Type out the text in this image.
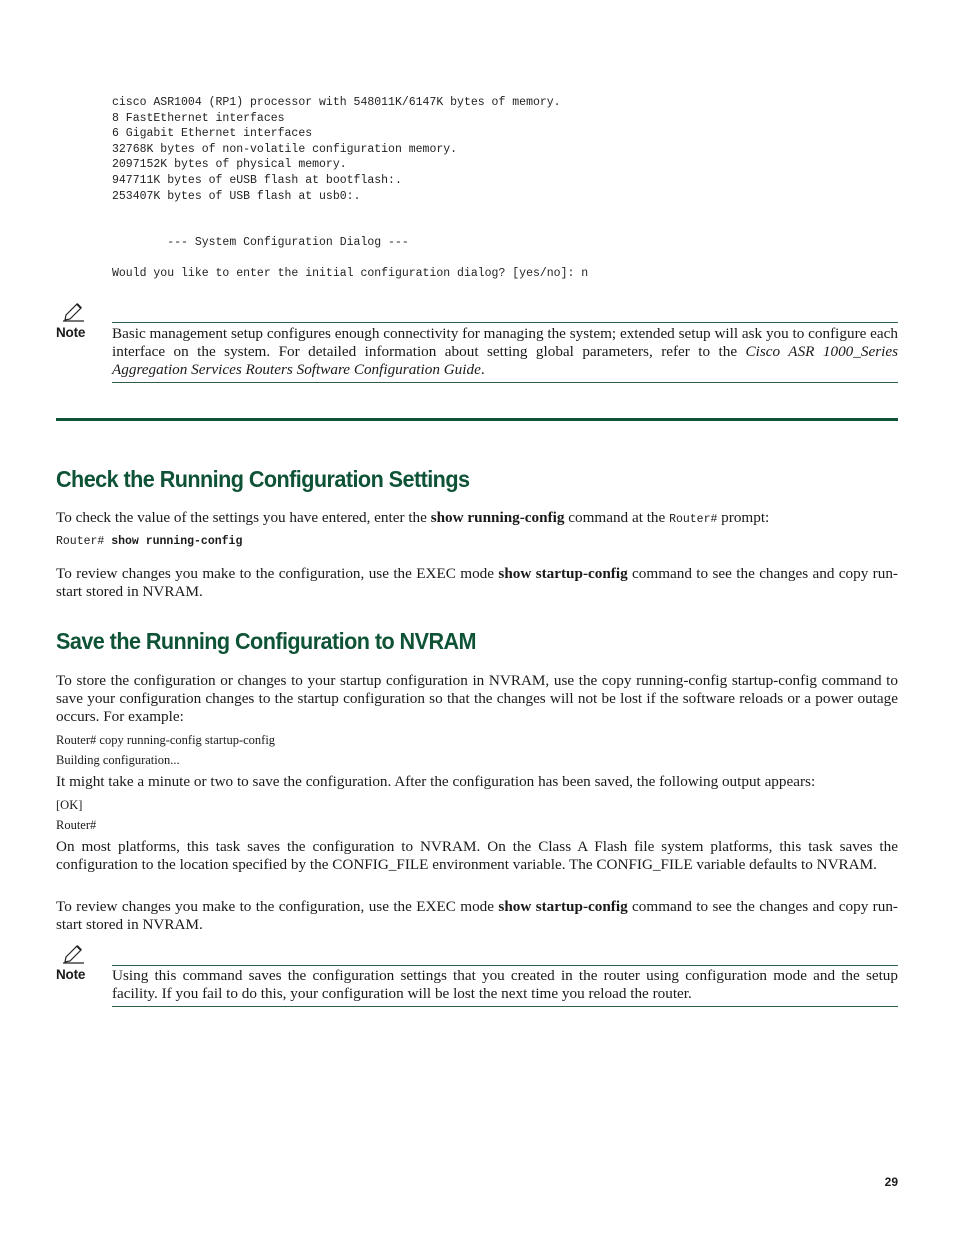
cisco ASR1004 (RP1) processor with 548011K/6147K bytes of memory.
8 FastEthernet interfaces
6 Gigabit Ethernet interfaces
32768K bytes of non-volatile configuration memory.
2097152K bytes of physical memory.
947711K bytes of eUSB flash at bootflash:.
253407K bytes of USB flash at usb0:.
--- System Configuration Dialog ---
Would you like to enter the initial configuration dialog? [yes/no]: n
Note Basic management setup configures enough connectivity for managing the system; extended setup will ask you to configure each interface on the system. For detailed information about setting global parameters, refer to the Cisco ASR 1000_Series Aggregation Services Routers Software Configuration Guide.
Check the Running Configuration Settings
To check the value of the settings you have entered, enter the show running-config command at the Router# prompt:
Router# show running-config
To review changes you make to the configuration, use the EXEC mode show startup-config command to see the changes and copy run-start stored in NVRAM.
Save the Running Configuration to NVRAM
To store the configuration or changes to your startup configuration in NVRAM, use the copy running-config startup-config command to save your configuration changes to the startup configuration so that the changes will not be lost if the software reloads or a power outage occurs. For example:
Router# copy running-config startup-config
Building configuration...
It might take a minute or two to save the configuration. After the configuration has been saved, the following output appears:
[OK]
Router#
On most platforms, this task saves the configuration to NVRAM. On the Class A Flash file system platforms, this task saves the configuration to the location specified by the CONFIG_FILE environment variable. The CONFIG_FILE variable defaults to NVRAM.
To review changes you make to the configuration, use the EXEC mode show startup-config command to see the changes and copy run-start stored in NVRAM.
Note Using this command saves the configuration settings that you created in the router using configuration mode and the setup facility. If you fail to do this, your configuration will be lost the next time you reload the router.
29
